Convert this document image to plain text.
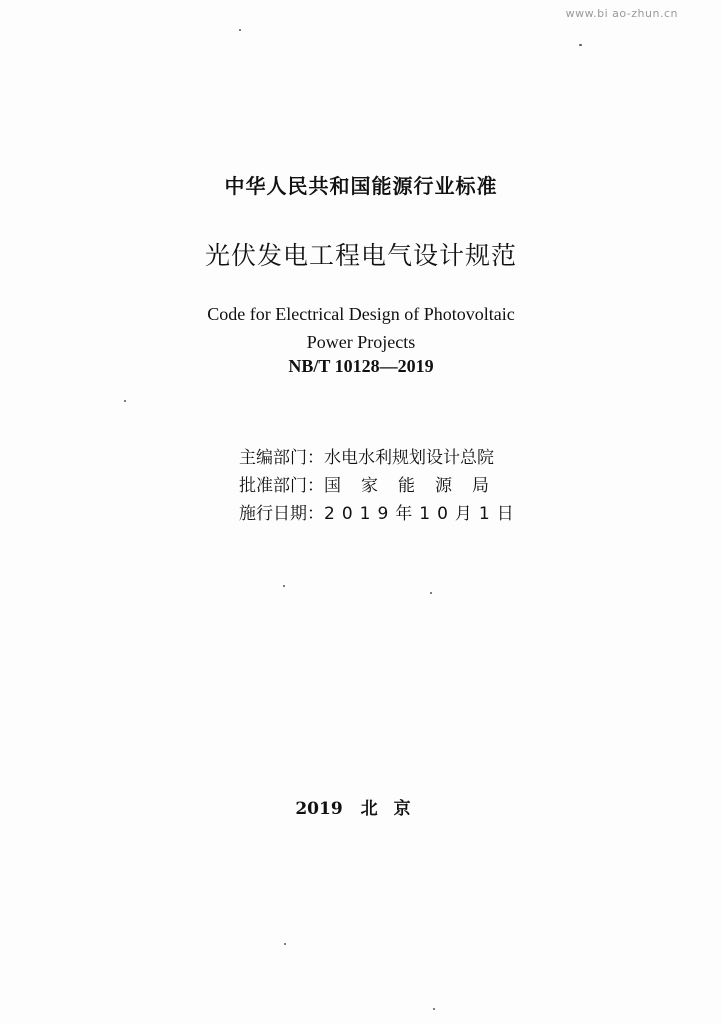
www.bi ao-zhun.cn
中华人民共和国能源行业标准
光伏发电工程电气设计规范
Code for Electrical Design of Photovoltaic
Power Projects
NB/T 10128—2019
主编部门：水电水利规划设计总院
批准部门：国家能源局
施行日期：2019年10月1日
2019 北京
